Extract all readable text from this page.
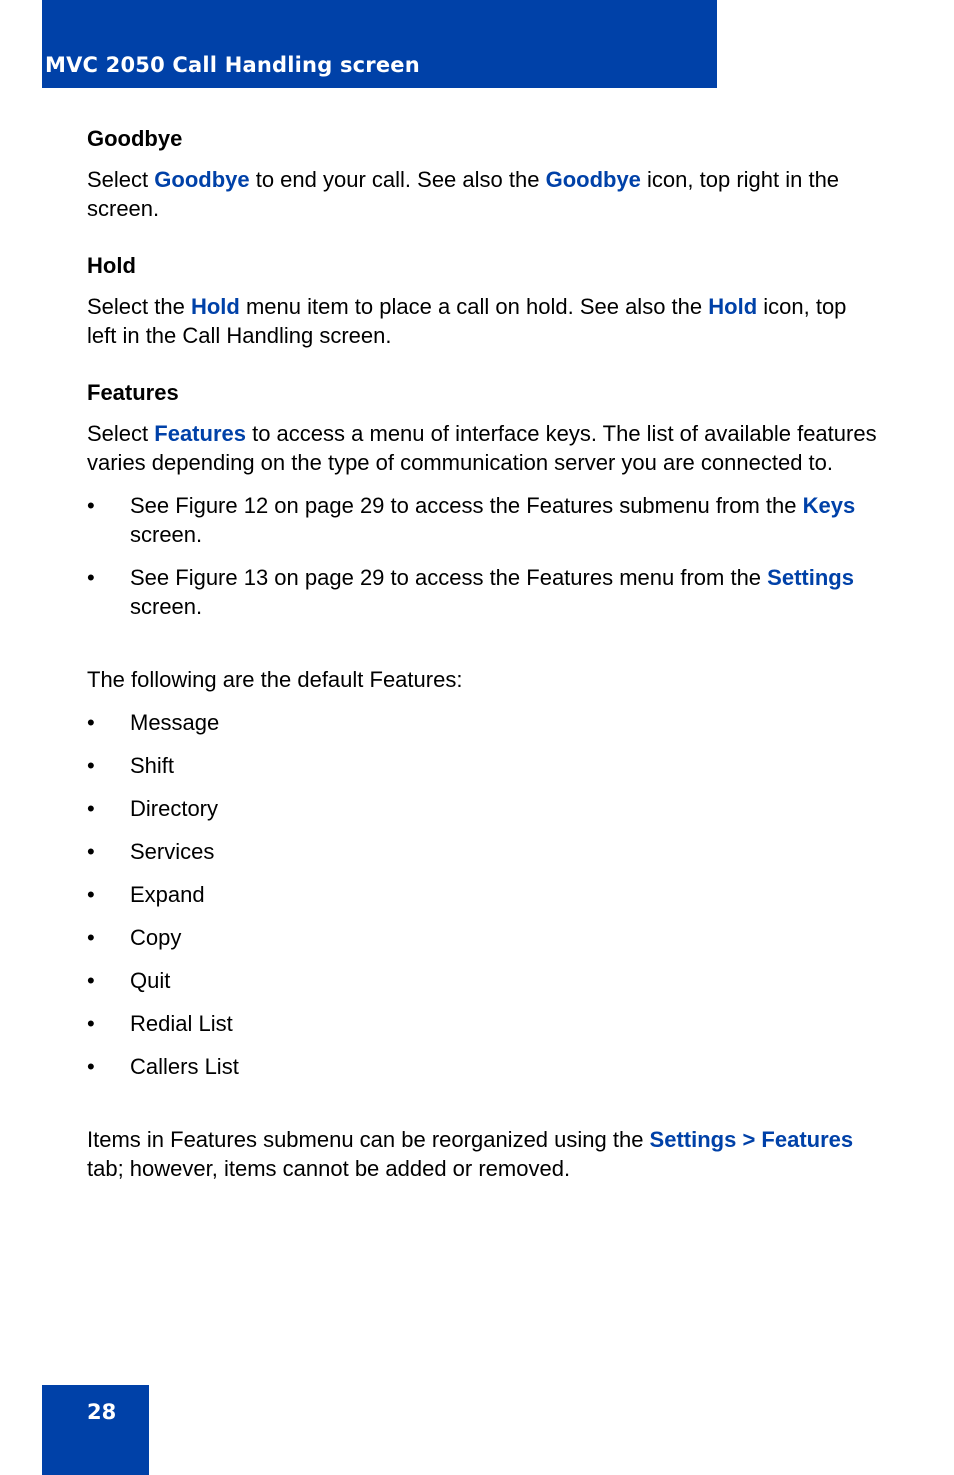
MVC 2050 Call Handling screen
Goodbye

Select Goodbye to end your call. See also the Goodbye icon, top right in the screen.

Hold

Select the Hold menu item to place a call on hold. See also the Hold icon, top left in the Call Handling screen.

Features

Select Features to access a menu of interface keys. The list of available features varies depending on the type of communication server you are connected to.

• See Figure 12 on page 29 to access the Features submenu from the Keys screen.
• See Figure 13 on page 29 to access the Features menu from the Settings screen.

The following are the default Features:

• Message
• Shift
• Directory
• Services
• Expand
• Copy
• Quit
• Redial List
• Callers List

Items in Features submenu can be reorganized using the Settings > Features tab; however, items cannot be added or removed.

28
